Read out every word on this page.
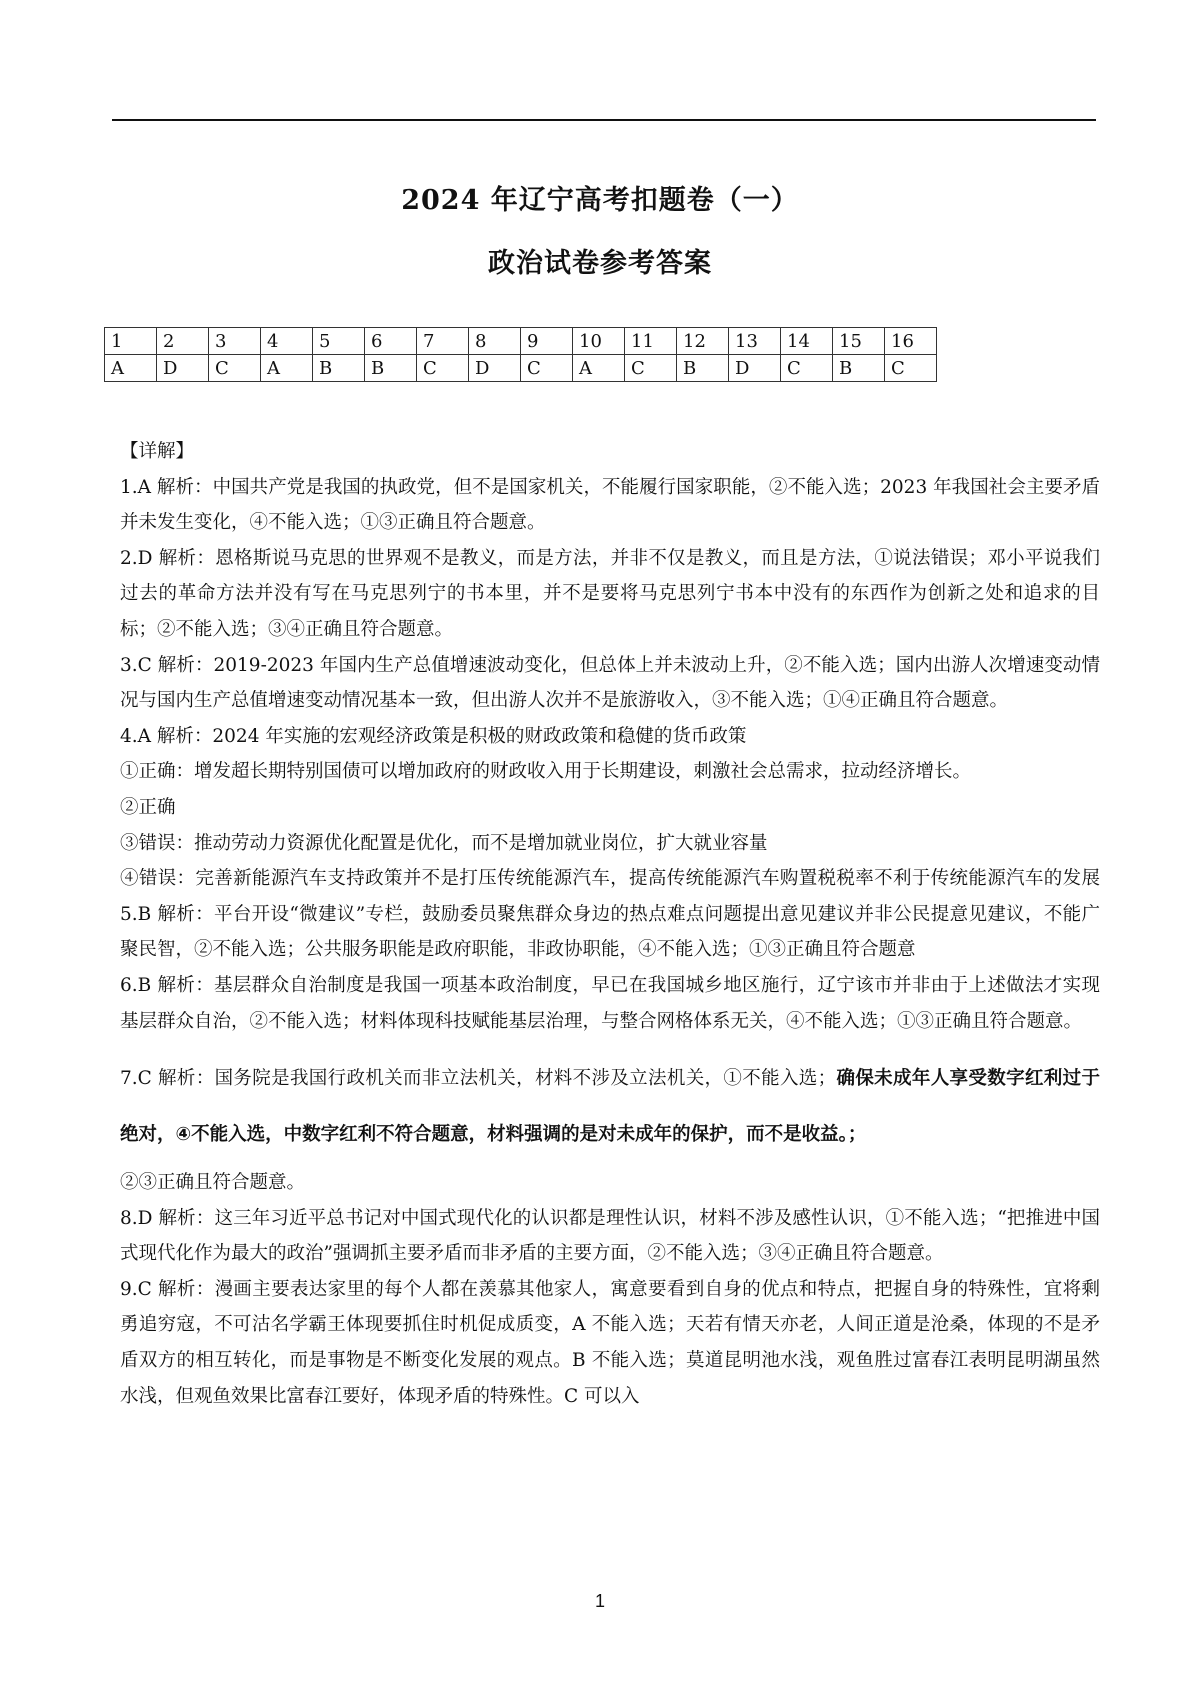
2024 年辽宁高考扣题卷（一）
政治试卷参考答案
1	2	3	4	5	6	7	8	9	10	11	12	13	14	15	16
A	D	C	A	B	B	C	D	C	A	C	B	D	C	B	C

【详解】

1.A 解析：中国共产党是我国的执政党，但不是国家机关，不能履行国家职能，②不能入选；2023 年我国社会主要矛盾并未发生变化，④不能入选；①③正确且符合题意。

2.D 解析：恩格斯说马克思的世界观不是教义，而是方法，并非不仅是教义，而且是方法，①说法错误；邓小平说我们过去的革命方法并没有写在马克思列宁的书本里，并不是要将马克思列宁书本中没有的东西作为创新之处和追求的目标；②不能入选；③④正确且符合题意。

3.C 解析：2019-2023 年国内生产总值增速波动变化，但总体上并未波动上升，②不能入选；国内出游人次增速变动情况与国内生产总值增速变动情况基本一致，但出游人次并不是旅游收入，③不能入选；①④正确且符合题意。

4.A 解析：2024 年实施的宏观经济政策是积极的财政政策和稳健的货币政策

①正确：增发超长期特别国债可以增加政府的财政收入用于长期建设，刺激社会总需求，拉动经济增长。

②正确

③错误：推动劳动力资源优化配置是优化，而不是增加就业岗位，扩大就业容量

④错误：完善新能源汽车支持政策并不是打压传统能源汽车，提高传统能源汽车购置税税率不利于传统能源汽车的发展 5.B 解析：平台开设“微建议”专栏，鼓励委员聚焦群众身边的热点难点问题提出意见建议并非公民提意见建议，不能广聚民智，②不能入选；公共服务职能是政府职能，非政协职能，④不能入选；①③正确且符合题意

6.B 解析：基层群众自治制度是我国一项基本政治制度，早已在我国城乡地区施行，辽宁该市并非由于上述做法才实现基层群众自治，②不能入选；材料体现科技赋能基层治理，与整合网格体系无关，④不能入选；①③正确且符合题意。

7.C 解析：国务院是我国行政机关而非立法机关，材料不涉及立法机关，①不能入选；确保未成年人享受数字红利过于绝对，④不能入选，中数字红利不符合题意，材料强调的是对未成年的保护，而不是收益。；

②③正确且符合题意。

8.D 解析：这三年习近平总书记对中国式现代化的认识都是理性认识，材料不涉及感性认识，①不能入选；“把推进中国式现代化作为最大的政治”强调抓主要矛盾而非矛盾的主要方面，②不能入选；③④正确且符合题意。

9.C 解析：漫画主要表达家里的每个人都在羡慕其他家人，寓意要看到自身的优点和特点，把握自身的特殊性，宜将剩勇追穷寇，不可沽名学霸王体现要抓住时机促成质变，A 不能入选；天若有情天亦老，人间正道是沧桑，体现的不是矛盾双方的相互转化，而是事物是不断变化发展的观点。B 不能入选；莫道昆明池水浅，观鱼胜过富春江表明昆明湖虽然水浅，但观鱼效果比富春江要好，体现矛盾的特殊性。C 可以入

1
